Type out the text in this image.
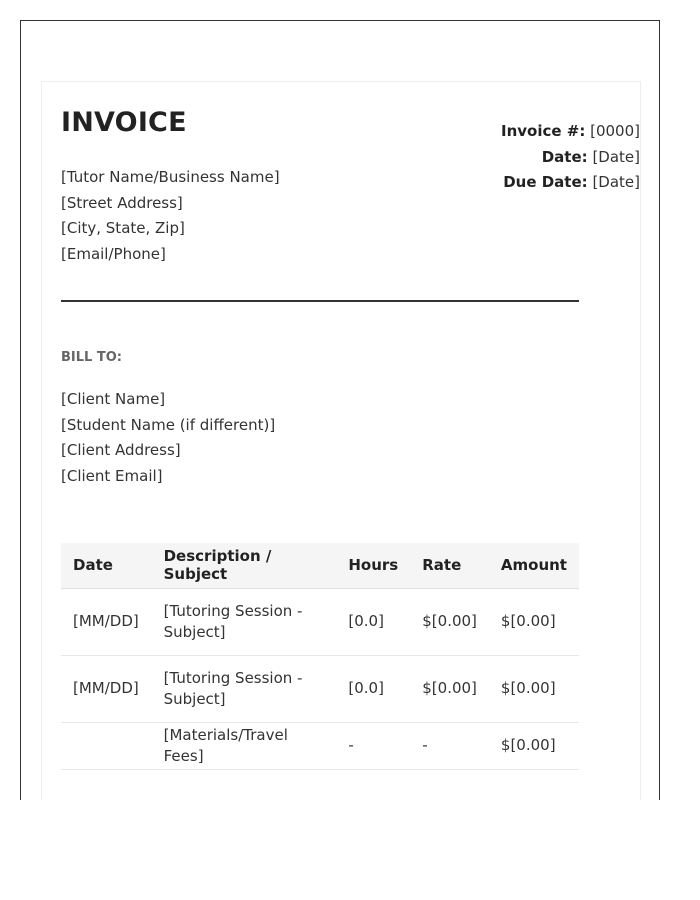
INVOICE
[Tutor Name/Business Name]
[Street Address]
[City, State, Zip]
[Email/Phone]
Invoice #: [0000]
Date: [Date]
Due Date: [Date]
BILL TO:
[Client Name]
[Student Name (if different)]
[Client Address]
[Client Email]
Date	Description / Subject	Hours	Rate	Amount
[MM/DD]	[Tutoring Session - Subject]	[0.0]	$[0.00]	$[0.00]
[MM/DD]	[Tutoring Session - Subject]	[0.0]	$[0.00]	$[0.00]
	[Materials/Travel Fees]	-	-	$[0.00]
